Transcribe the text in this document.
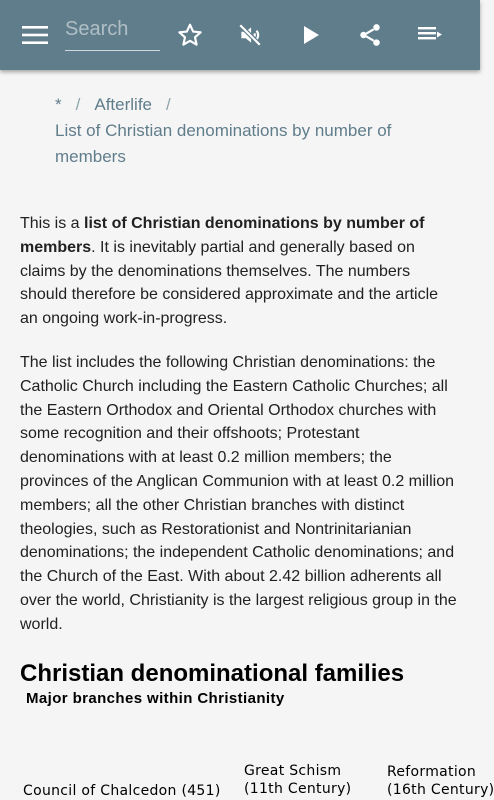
Search
* / Afterlife /
List of Christian denominations by number of members

This is a list of Christian denominations by number of members. It is inevitably partial and generally based on claims by the denominations themselves. The numbers should therefore be considered approximate and the article an ongoing work-in-progress.

The list includes the following Christian denominations: the Catholic Church including the Eastern Catholic Churches; all the Eastern Orthodox and Oriental Orthodox churches with some recognition and their offshoots; Protestant denominations with at least 0.2 million members; the provinces of the Anglican Communion with at least 0.2 million members; all the other Christian branches with distinct theologies, such as Restorationist and Nontrinitarianian denominations; the independent Catholic denominations; and the Church of the East. With about 2.42 billion adherents all over the world, Christianity is the largest religious group in the world.

Christian denominational families
Major branches within Christianity
Council of Chalcedon (451)
Great Schism
(11th Century)
Reformation
(16th Century)
